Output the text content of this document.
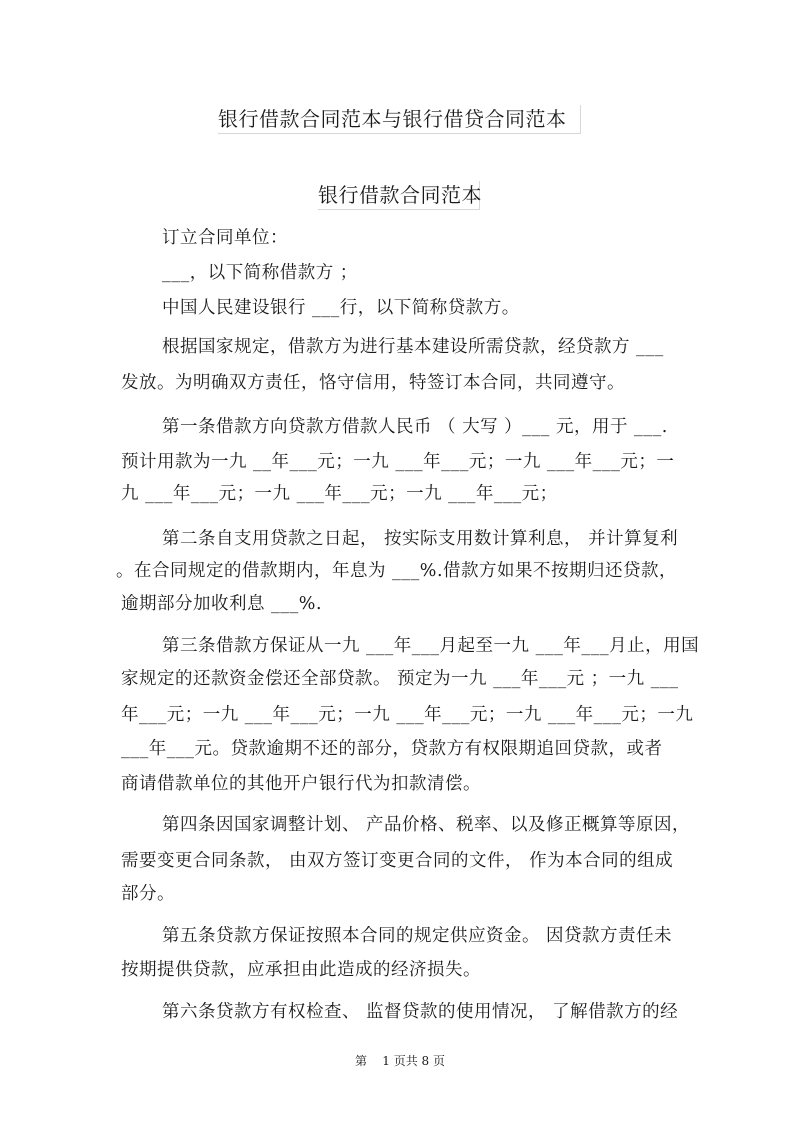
银行借款合同范本与银行借贷合同范本
银行借款合同范本
订立合同单位：
___，以下简称借款方 ；
中国人民建设银行 ___行，以下简称贷款方。
根据国家规定，借款方为进行基本建设所需贷款，经贷款方 ___
发放。为明确双方责任，恪守信用，特签订本合同，共同遵守。
第一条借款方向贷款方借款人民币 （ 大写 ）___ 元，用于 ___.
预计用款为一九 __年___元；一九 ___年___元；一九 ___年___元；一
九 ___年___元；一九 ___年___元；一九 ___年___元；
第二条自支用贷款之日起， 按实际支用数计算利息， 并计算复利
。在合同规定的借款期内，年息为 ___%.借款方如果不按期归还贷款，
逾期部分加收利息 ___%.
第三条借款方保证从一九 ___年___月起至一九 ___年___月止，用国
家规定的还款资金偿还全部贷款。 预定为一九 ___年___元 ；一九 ___
年___元；一九 ___年___元；一九 ___年___元；一九 ___年___元；一九
___年___元。贷款逾期不还的部分，贷款方有权限期追回贷款，或者
商请借款单位的其他开户银行代为扣款清偿。
第四条因国家调整计划、 产品价格、税率、以及修正概算等原因，
需要变更合同条款， 由双方签订变更合同的文件， 作为本合同的组成
部分。
第五条贷款方保证按照本合同的规定供应资金。 因贷款方责任未
按期提供贷款，应承担由此造成的经济损失。
第六条贷款方有权检查、 监督贷款的使用情况， 了解借款方的经
第    1 页共 8 页
